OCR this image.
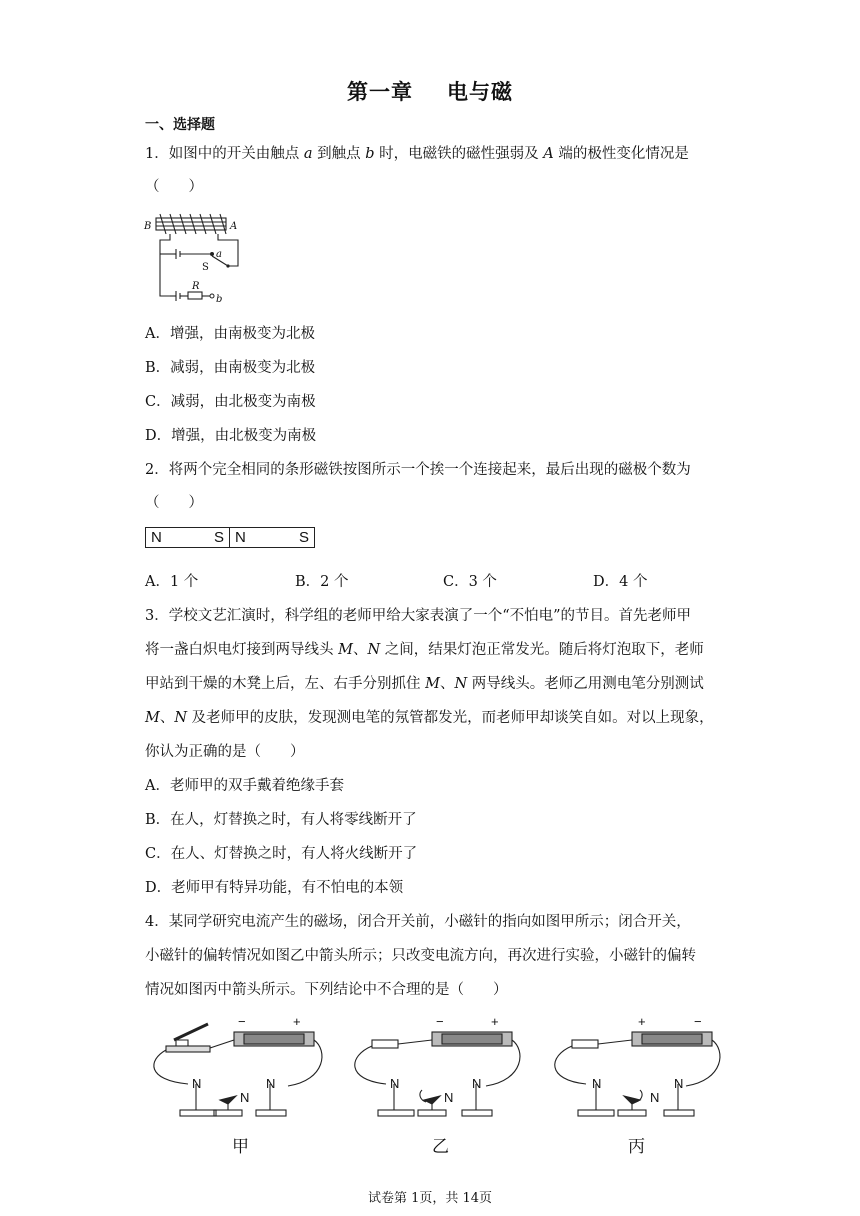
第一章 电与磁
一、选择题
1．如图中的开关由触点 a 到触点 b 时，电磁铁的磁性强弱及 A 端的极性变化情况是
（　　）
B	A
a
S
R
b
A．增强，由南极变为北极
B．减弱，由南极变为北极
C．减弱，由北极变为南极
D．增强，由北极变为南极
2．将两个完全相同的条形磁铁按图所示一个挨一个连接起来，最后出现的磁极个数为
（　　）
N	S N	S
A．1 个	B．2 个	C．3 个	D．4 个
3．学校文艺汇演时，科学组的老师甲给大家表演了一个“不怕电”的节目。首先老师甲
将一盏白炽电灯接到两导线头 M、N 之间，结果灯泡正常发光。随后将灯泡取下，老师
甲站到干燥的木凳上后，左、右手分别抓住 M、N 两导线头。老师乙用测电笔分别测试
M、N 及老师甲的皮肤，发现测电笔的氖管都发光，而老师甲却谈笑自如。对以上现象，
你认为正确的是（　　）
A．老师甲的双手戴着绝缘手套
B．在人，灯替换之时，有人将零线断开了
C．在人、灯替换之时，有人将火线断开了
D．老师甲有特异功能，有不怕电的本领
4．某同学研究电流产生的磁场，闭合开关前，小磁针的指向如图甲所示；闭合开关，
小磁针的偏转情况如图乙中箭头所示；只改变电流方向，再次进行实验，小磁针的偏转
情况如图丙中箭头所示。下列结论中不合理的是（　　）
−	+
N
N
N
−	+
N
N
N
+	−
N
N
N
甲	乙	丙
试卷第 1页，共 14页
